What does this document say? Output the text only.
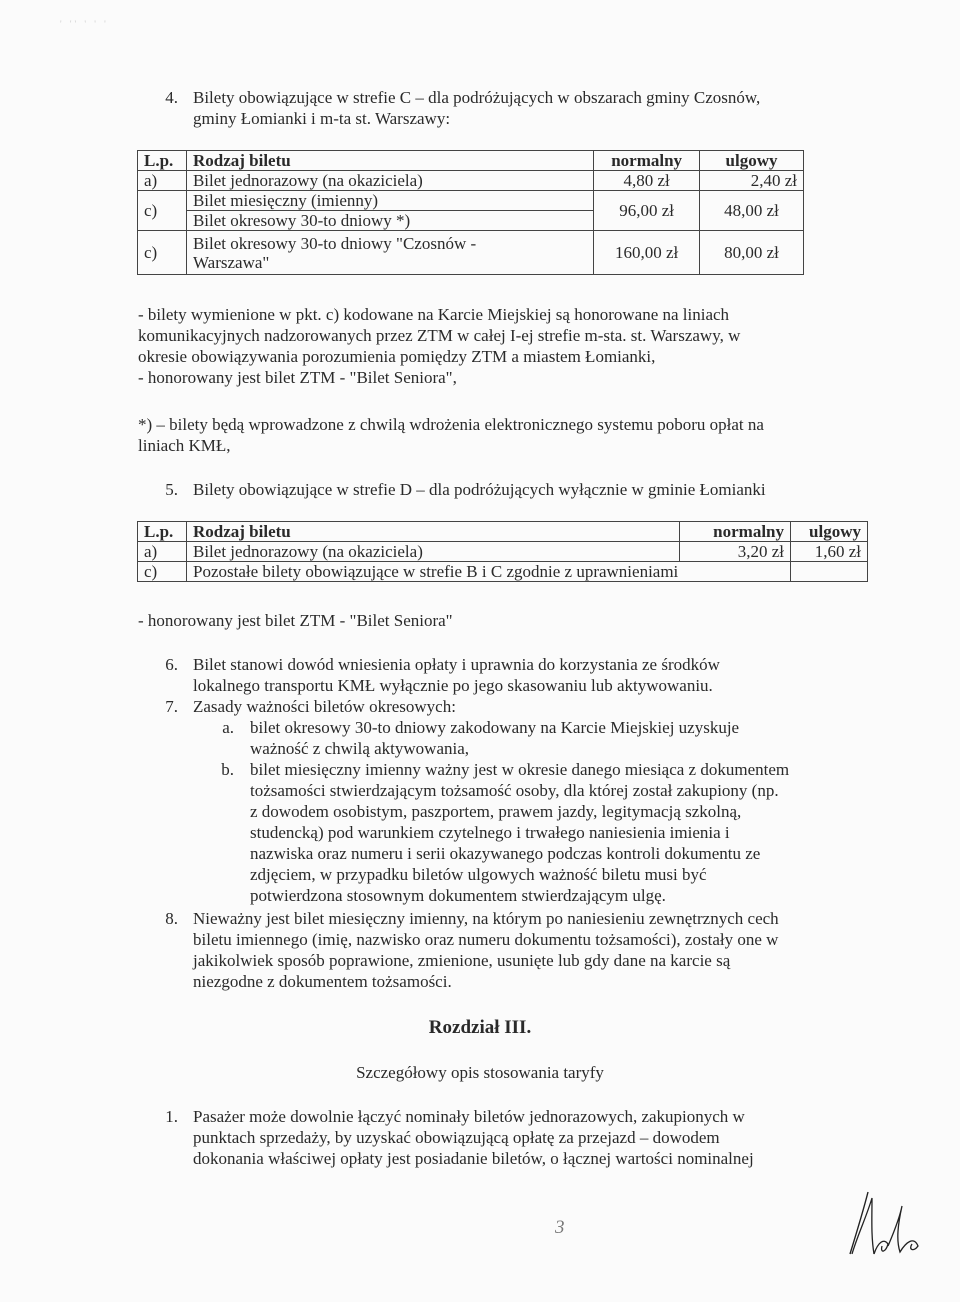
' '' ' ' '
4. Bilety obowiązujące w strefie C – dla podróżujących w obszarach gminy Czosnów,
gminy Łomianki i m-ta st. Warszawy:
L.p.	Rodzaj biletu	normalny	ulgowy
a)	Bilet jednorazowy (na okaziciela)	4,80 zł	2,40 zł
c)	Bilet miesięczny (imienny)
Bilet okresowy 30-to dniowy *)	96,00 zł	48,00 zł
c)	Bilet okresowy 30-to dniowy "Czosnów -
Warszawa"	160,00 zł	80,00 zł
- bilety wymienione w pkt. c) kodowane na Karcie Miejskiej są honorowane na liniach
komunikacyjnych nadzorowanych przez ZTM w całej I-ej strefie m-sta. st. Warszawy, w
okresie obowiązywania porozumienia pomiędzy ZTM a miastem Łomianki,
- honorowany jest bilet ZTM - "Bilet Seniora",
*) – bilety będą wprowadzone z chwilą wdrożenia elektronicznego systemu poboru opłat na
liniach KMŁ,
5. Bilety obowiązujące w strefie D – dla podróżujących wyłącznie w gminie Łomianki
L.p.	Rodzaj biletu	normalny	ulgowy
a)	Bilet jednorazowy (na okaziciela)	3,20 zł	1,60 zł
c)	Pozostałe bilety obowiązujące w strefie B i C zgodnie z uprawnieniami		
- honorowany jest bilet ZTM - "Bilet Seniora"
6. Bilet stanowi dowód wniesienia opłaty i uprawnia do korzystania ze środków
lokalnego transportu KMŁ wyłącznie po jego skasowaniu lub aktywowaniu.
7. Zasady ważności biletów okresowych:
a. bilet okresowy 30-to dniowy zakodowany na Karcie Miejskiej uzyskuje
ważność z chwilą aktywowania,
b. bilet miesięczny imienny ważny jest w okresie danego miesiąca z dokumentem
tożsamości stwierdzającym tożsamość osoby, dla której został zakupiony (np.
z dowodem osobistym, paszportem, prawem jazdy, legitymacją szkolną,
studencką) pod warunkiem czytelnego i trwałego naniesienia imienia i
nazwiska oraz numeru i serii okazywanego podczas kontroli dokumentu ze
zdjęciem, w przypadku biletów ulgowych ważność biletu musi być
potwierdzona stosownym dokumentem stwierdzającym ulgę.
8. Nieważny jest bilet miesięczny imienny, na którym po naniesieniu zewnętrznych cech
biletu imiennego (imię, nazwisko oraz numeru dokumentu tożsamości), zostały one w
jakikolwiek sposób poprawione, zmienione, usunięte lub gdy dane na karcie są
niezgodne z dokumentem tożsamości.
Rozdział III.
Szczegółowy opis stosowania taryfy
1. Pasażer może dowolnie łączyć nominały biletów jednorazowych, zakupionych w
punktach sprzedaży, by uzyskać obowiązującą opłatę za przejazd – dowodem
dokonania właściwej opłaty jest posiadanie biletów, o łącznej wartości nominalnej
3
